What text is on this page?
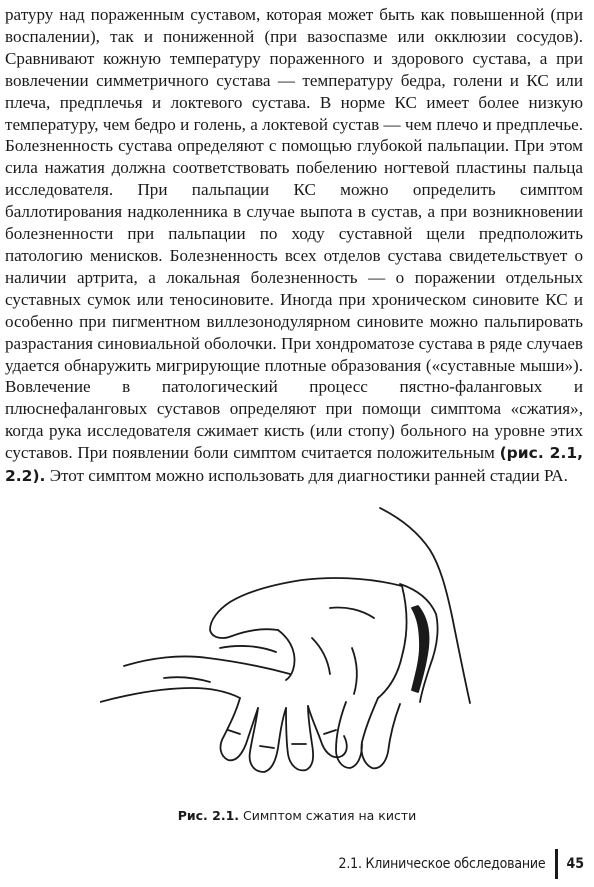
ратуру над пораженным суставом, которая может быть как повышенной (при воспалении), так и пониженной (при вазоспазме или окклюзии сосудов). Сравнивают кожную температуру пораженного и здорового сустава, а при вовлечении симметричного сустава — температуру бедра, голени и КС или плеча, предплечья и локтевого сустава. В норме КС имеет более низкую температуру, чем бедро и голень, а локтевой сустав — чем плечо и предплечье. Болезненность сустава определяют с помощью глубокой пальпации. При этом сила нажатия должна соответствовать побелению ногтевой пластины пальца исследователя. При пальпации КС можно определить симптом баллотирования надколенника в случае выпота в сустав, а при возникновении болезненности при пальпации по ходу суставной щели предположить патологию менисков. Болезненность всех отделов сустава свидетельствует о наличии артрита, а локальная болезненность — о поражении отдельных суставных сумок или теносиновите. Иногда при хроническом синовите КС и особенно при пигментном виллезонодулярном синовите можно пальпировать разрастания синовиальной оболочки. При хондроматозе сустава в ряде случаев удается обнаружить мигрирующие плотные образования («суставные мыши»). Вовлечение в патологический процесс пястно-фаланговых и плюснефаланговых суставов определяют при помощи симптома «сжатия», когда рука исследователя сжимает кисть (или стопу) больного на уровне этих суставов. При появлении боли симптом считается положительным (рис. 2.1, 2.2). Этот симптом можно использовать для диагностики ранней стадии РА.

Рис. 2.1. Симптом сжатия на кисти
2.1. Клиническое обследование 45
